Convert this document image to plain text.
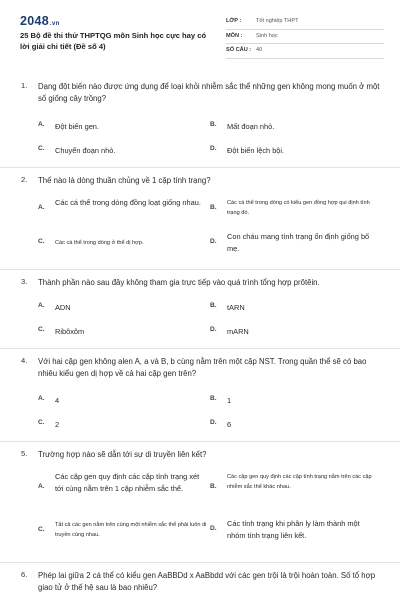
2048.vn
25 Bộ đề thi thử THPTQG môn Sinh học cực hay có lời giải chi tiết (Đề số 4)
LỚP :	Tốt nghiệp THPT
MÔN : Sinh học
SỐ CÂU : 40
1. Dạng đột biến nào được ứng dụng để loại khỏi nhiễm sắc thể những gen không mong muốn ở một số giống cây trồng?
A. Đột biến gen.	B. Mất đoạn nhỏ.
C. Chuyển đoạn nhỏ.	D. Đột biến lệch bội.
2. Thế nào là dòng thuần chủng về 1 cặp tính trạng?
A.
Các cá thể trong dòng đồng loạt giống nhau.
B.
Các cá thể trong dòng có kiểu gen đồng hợp qui định tính trạng đó.
C. Các cá thể trong dòng ở thể dị hợp.	D.
Con cháu mang tính trạng ổn định giống bố mẹ.
3. Thành phần nào sau đây không tham gia trực tiếp vào quá trình tổng hợp prôtêin.
A. ADN	B. tARN
C. Ribôxôm	D. mARN
4. Với hai cặp gen không alen A, a và B, b cùng nằm trên một cặp NST. Trong quần thể sẽ có bao nhiêu kiểu gen dị hợp về cả hai cặp gen trên?
A. 4	B. 1
C. 2	D. 6
5. Trường hợp nào sẽ dẫn tới sự di truyền liên kết?
A.
Các cặp gen quy định các cặp tính trạng xét tới cùng nằm trên 1 cặp nhiễm sắc thể.	B.
Các cặp gen quy định các cặp tính trạng nằm trên các cặp nhiễm sắc thể khác nhau.
C.
Tất cả các gen nằm trên cùng một nhiễm sắc thể phải luôn di truyền cùng nhau.
D.
Các tính trạng khi phân ly làm thành một nhóm tính trạng liên kết.
6. Phép lai giữa 2 cá thể có kiểu gen AaBBDd x AaBbdd với các gen trội là trội hoàn toàn. Số tổ hợp giao tử ở thế hệ sau là bao nhiêu?
